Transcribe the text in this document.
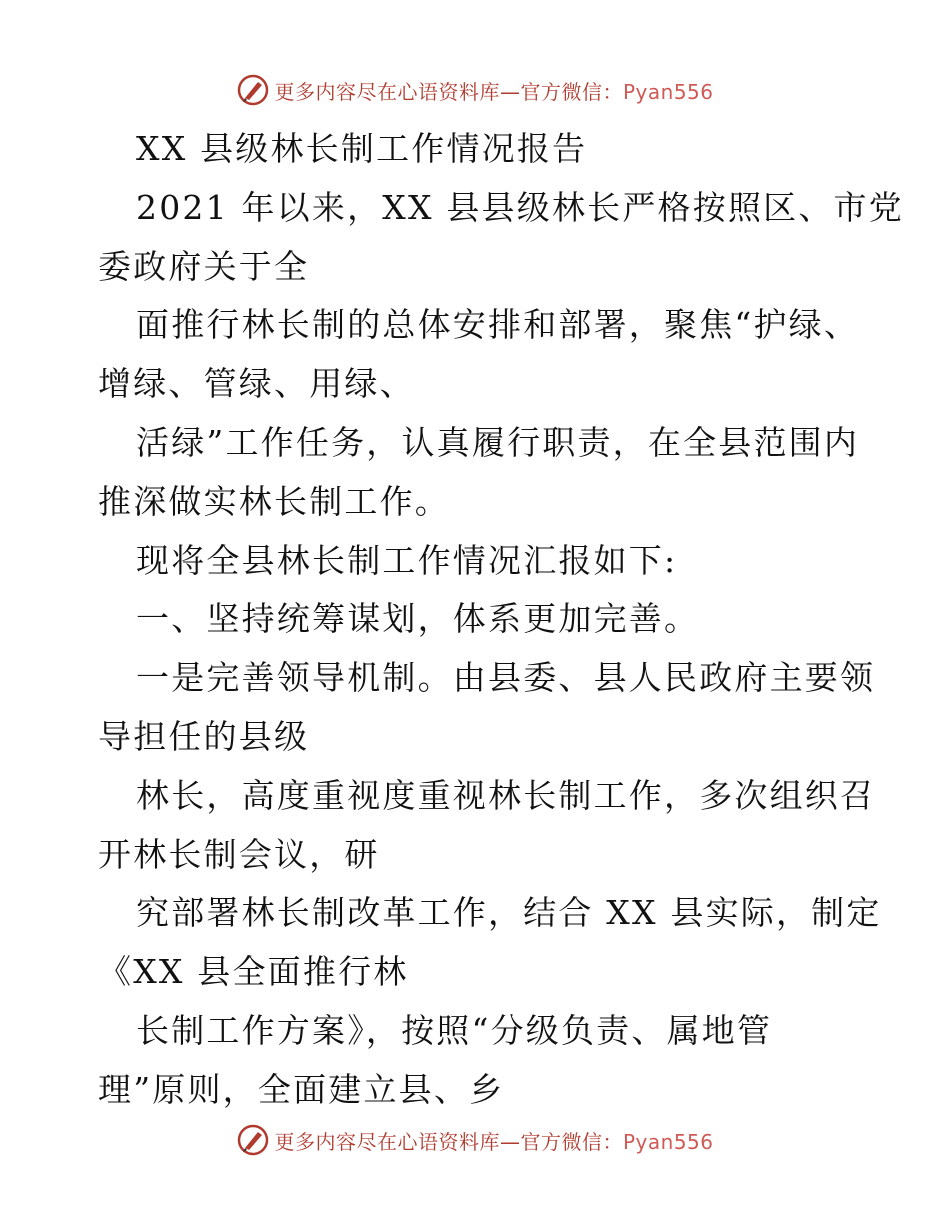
更多内容尽在心语资料库—官方微信：Pyan556
XX 县级林长制工作情况报告
2021 年以来，XX 县县级林长严格按照区、市党
委政府关于全
面推行林长制的总体安排和部署，聚焦“护绿、
增绿、管绿、用绿、
活绿”工作任务，认真履行职责，在全县范围内
推深做实林长制工作。
现将全县林长制工作情况汇报如下:
一、坚持统筹谋划，体系更加完善。
一是完善领导机制。由县委、县人民政府主要领
导担任的县级
林长，高度重视度重视林长制工作，多次组织召
开林长制会议，研
究部署林长制改革工作，结合 XX 县实际，制定
《XX 县全面推行林
长制工作方案》，按照“分级负责、属地管
理”原则，全面建立县、乡
更多内容尽在心语资料库—官方微信：Pyan556
